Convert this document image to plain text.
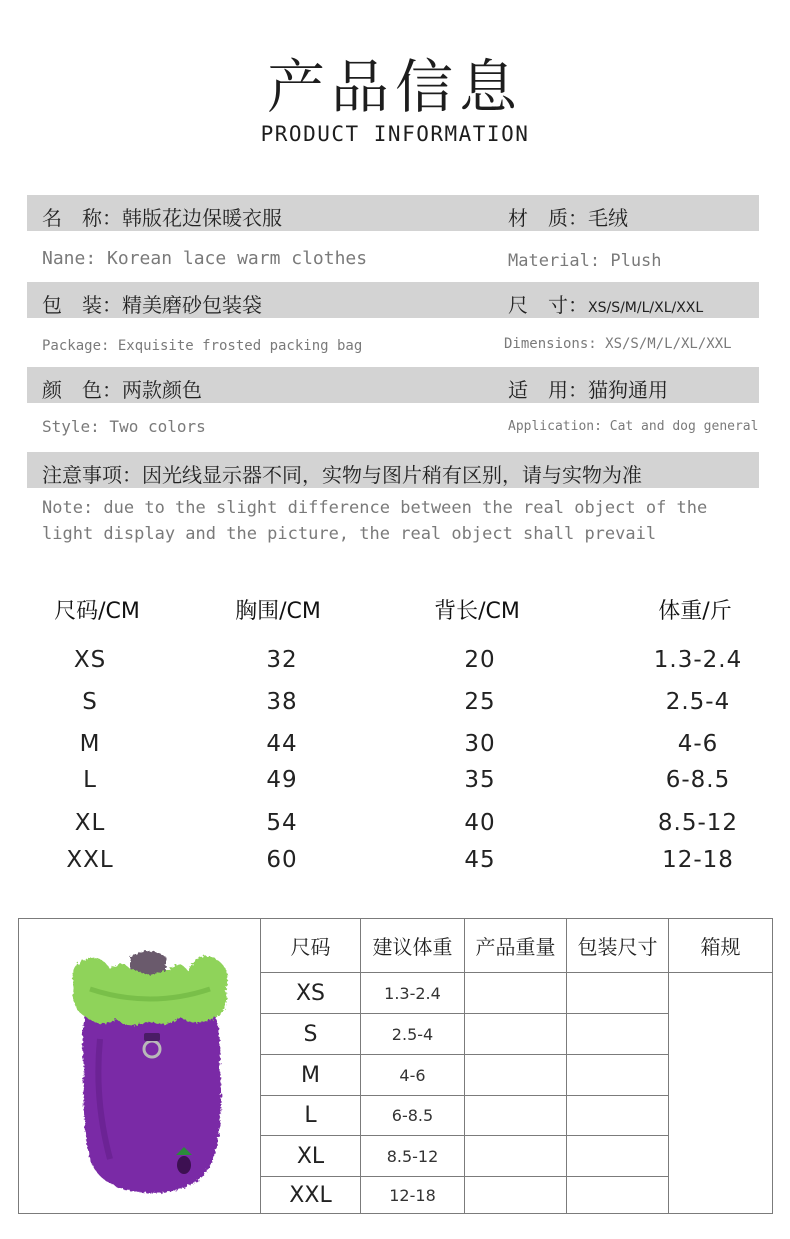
产品信息
PRODUCT INFORMATION
名　称：韩版花边保暖衣服	材　质：毛绒
Nane: Korean lace warm clothes	Material: Plush
包　装：精美磨砂包装袋	尺　寸：XS/S/M/L/XL/XXL
Package: Exquisite frosted packing bag	Dimensions: XS/S/M/L/XL/XXL
颜　色：两款颜色	适　用：猫狗通用
Style: Two colors	Application: Cat and dog general
注意事项：因光线显示器不同，实物与图片稍有区别，请与实物为准
Note: due to the slight difference between the real object of the
light display and the picture, the real object shall prevail
尺码/CM	胸围/CM	背长/CM	体重/斤
XS	32	20	1.3-2.4
S	38	25	2.5-4
M	44	30	4-6
L	49	35	6-8.5
XL	54	40	8.5-12
XXL	60	45	12-18
	尺码	建议体重	产品重量	包装尺寸	箱规
	XS	1.3-2.4			
	S	2.5-4			
	M	4-6			
	L	6-8.5			
	XL	8.5-12			
	XXL	12-18			
